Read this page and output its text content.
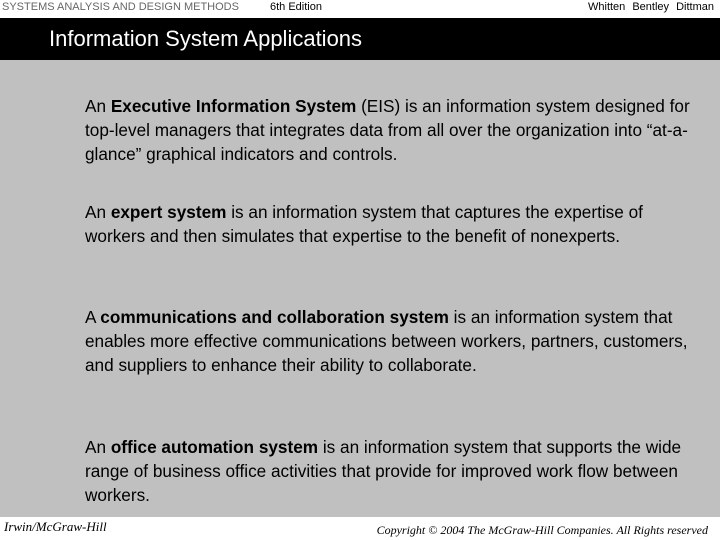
SYSTEMS ANALYSIS AND DESIGN METHODS	6th Edition	Whitten Bentley Dittman
Information System Applications
An Executive Information System (EIS) is an information system designed for top-level managers that integrates data from all over the organization into “at-a-glance” graphical indicators and controls.
An expert system is an information system that captures the expertise of workers and then simulates that expertise to the benefit of nonexperts.
A communications and collaboration system is an information system that enables more effective communications between workers, partners, customers, and suppliers to enhance their ability to collaborate.
An office automation system is an information system that supports the wide range of business office activities that provide for improved work flow between workers.
Irwin/McGraw-Hill	Copyright © 2004 The McGraw-Hill Companies. All Rights reserved
